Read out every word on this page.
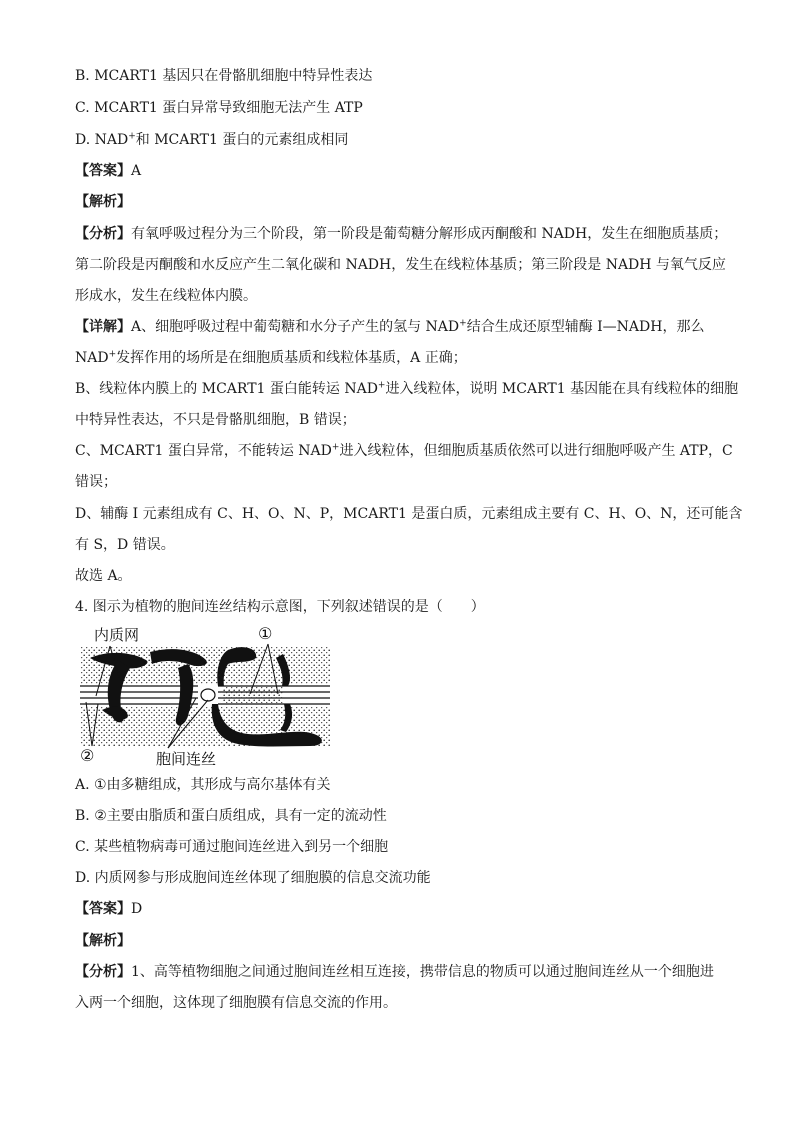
B. MCART1 基因只在骨骼肌细胞中特异性表达
C. MCART1 蛋白异常导致细胞无法产生 ATP
D. NAD+和 MCART1 蛋白的元素组成相同
【答案】A
【解析】
【分析】有氧呼吸过程分为三个阶段，第一阶段是葡萄糖分解形成丙酮酸和 NADH，发生在细胞质基质；
第二阶段是丙酮酸和水反应产生二氧化碳和 NADH，发生在线粒体基质；第三阶段是 NADH 与氧气反应
形成水，发生在线粒体内膜。
【详解】A、细胞呼吸过程中葡萄糖和水分子产生的氢与 NAD+结合生成还原型辅酶 I—NADH，那么
NAD+发挥作用的场所是在细胞质基质和线粒体基质，A 正确；
B、线粒体内膜上的 MCART1 蛋白能转运 NAD+进入线粒体，说明 MCART1 基因能在具有线粒体的细胞
中特异性表达，不只是骨骼肌细胞，B 错误；
C、MCART1 蛋白异常，不能转运 NAD+进入线粒体，但细胞质基质依然可以进行细胞呼吸产生 ATP，C
错误；
D、辅酶 I 元素组成有 C、H、O、N、P，MCART1 是蛋白质，元素组成主要有 C、H、O、N，还可能含
有 S，D 错误。
故选 A。
4. 图示为植物的胞间连丝结构示意图，下列叙述错误的是（　　）
内质网	①
②	胞间连丝
A. ①由多糖组成，其形成与高尔基体有关
B. ②主要由脂质和蛋白质组成，具有一定的流动性
C. 某些植物病毒可通过胞间连丝进入到另一个细胞
D. 内质网参与形成胞间连丝体现了细胞膜的信息交流功能
【答案】D
【解析】
【分析】1、高等植物细胞之间通过胞间连丝相互连接，携带信息的物质可以通过胞间连丝从一个细胞进
入两一个细胞，这体现了细胞膜有信息交流的作用。
